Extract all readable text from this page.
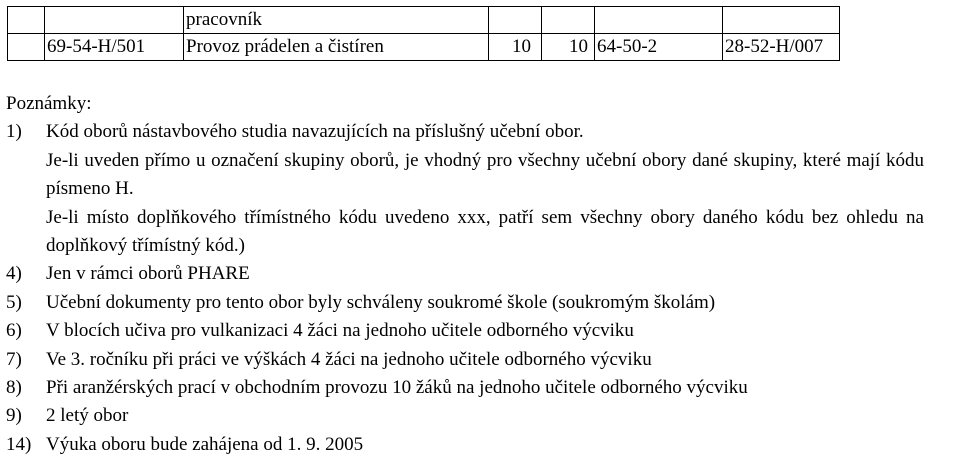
		pracovník				
	69-54-H/501	Provoz prádelen a čistíren	10	10	64-50-2	28-52-H/007
Poznámky:
1)	Kód oborů nástavbového studia navazujících na příslušný učební obor.
Je-li uveden přímo u označení skupiny oborů, je vhodný pro všechny učební obory dané skupiny, které mají kódu písmeno H.
Je-li místo doplňkového třímístného kódu uvedeno xxx, patří sem všechny obory daného kódu bez ohledu na doplňkový třímístný kód.)
4)	Jen v rámci oborů PHARE
5)	Učební dokumenty pro tento obor byly schváleny soukromé škole (soukromým školám)
6)	V blocích učiva pro vulkanizaci 4 žáci na jednoho učitele odborného výcviku
7)	Ve 3. ročníku při práci ve výškách 4 žáci na jednoho učitele odborného výcviku
8)	Při aranžérských prací v obchodním provozu 10 žáků na jednoho učitele odborného výcviku
9)	2 letý obor
14) Výuka oboru bude zahájena od 1. 9. 2005
